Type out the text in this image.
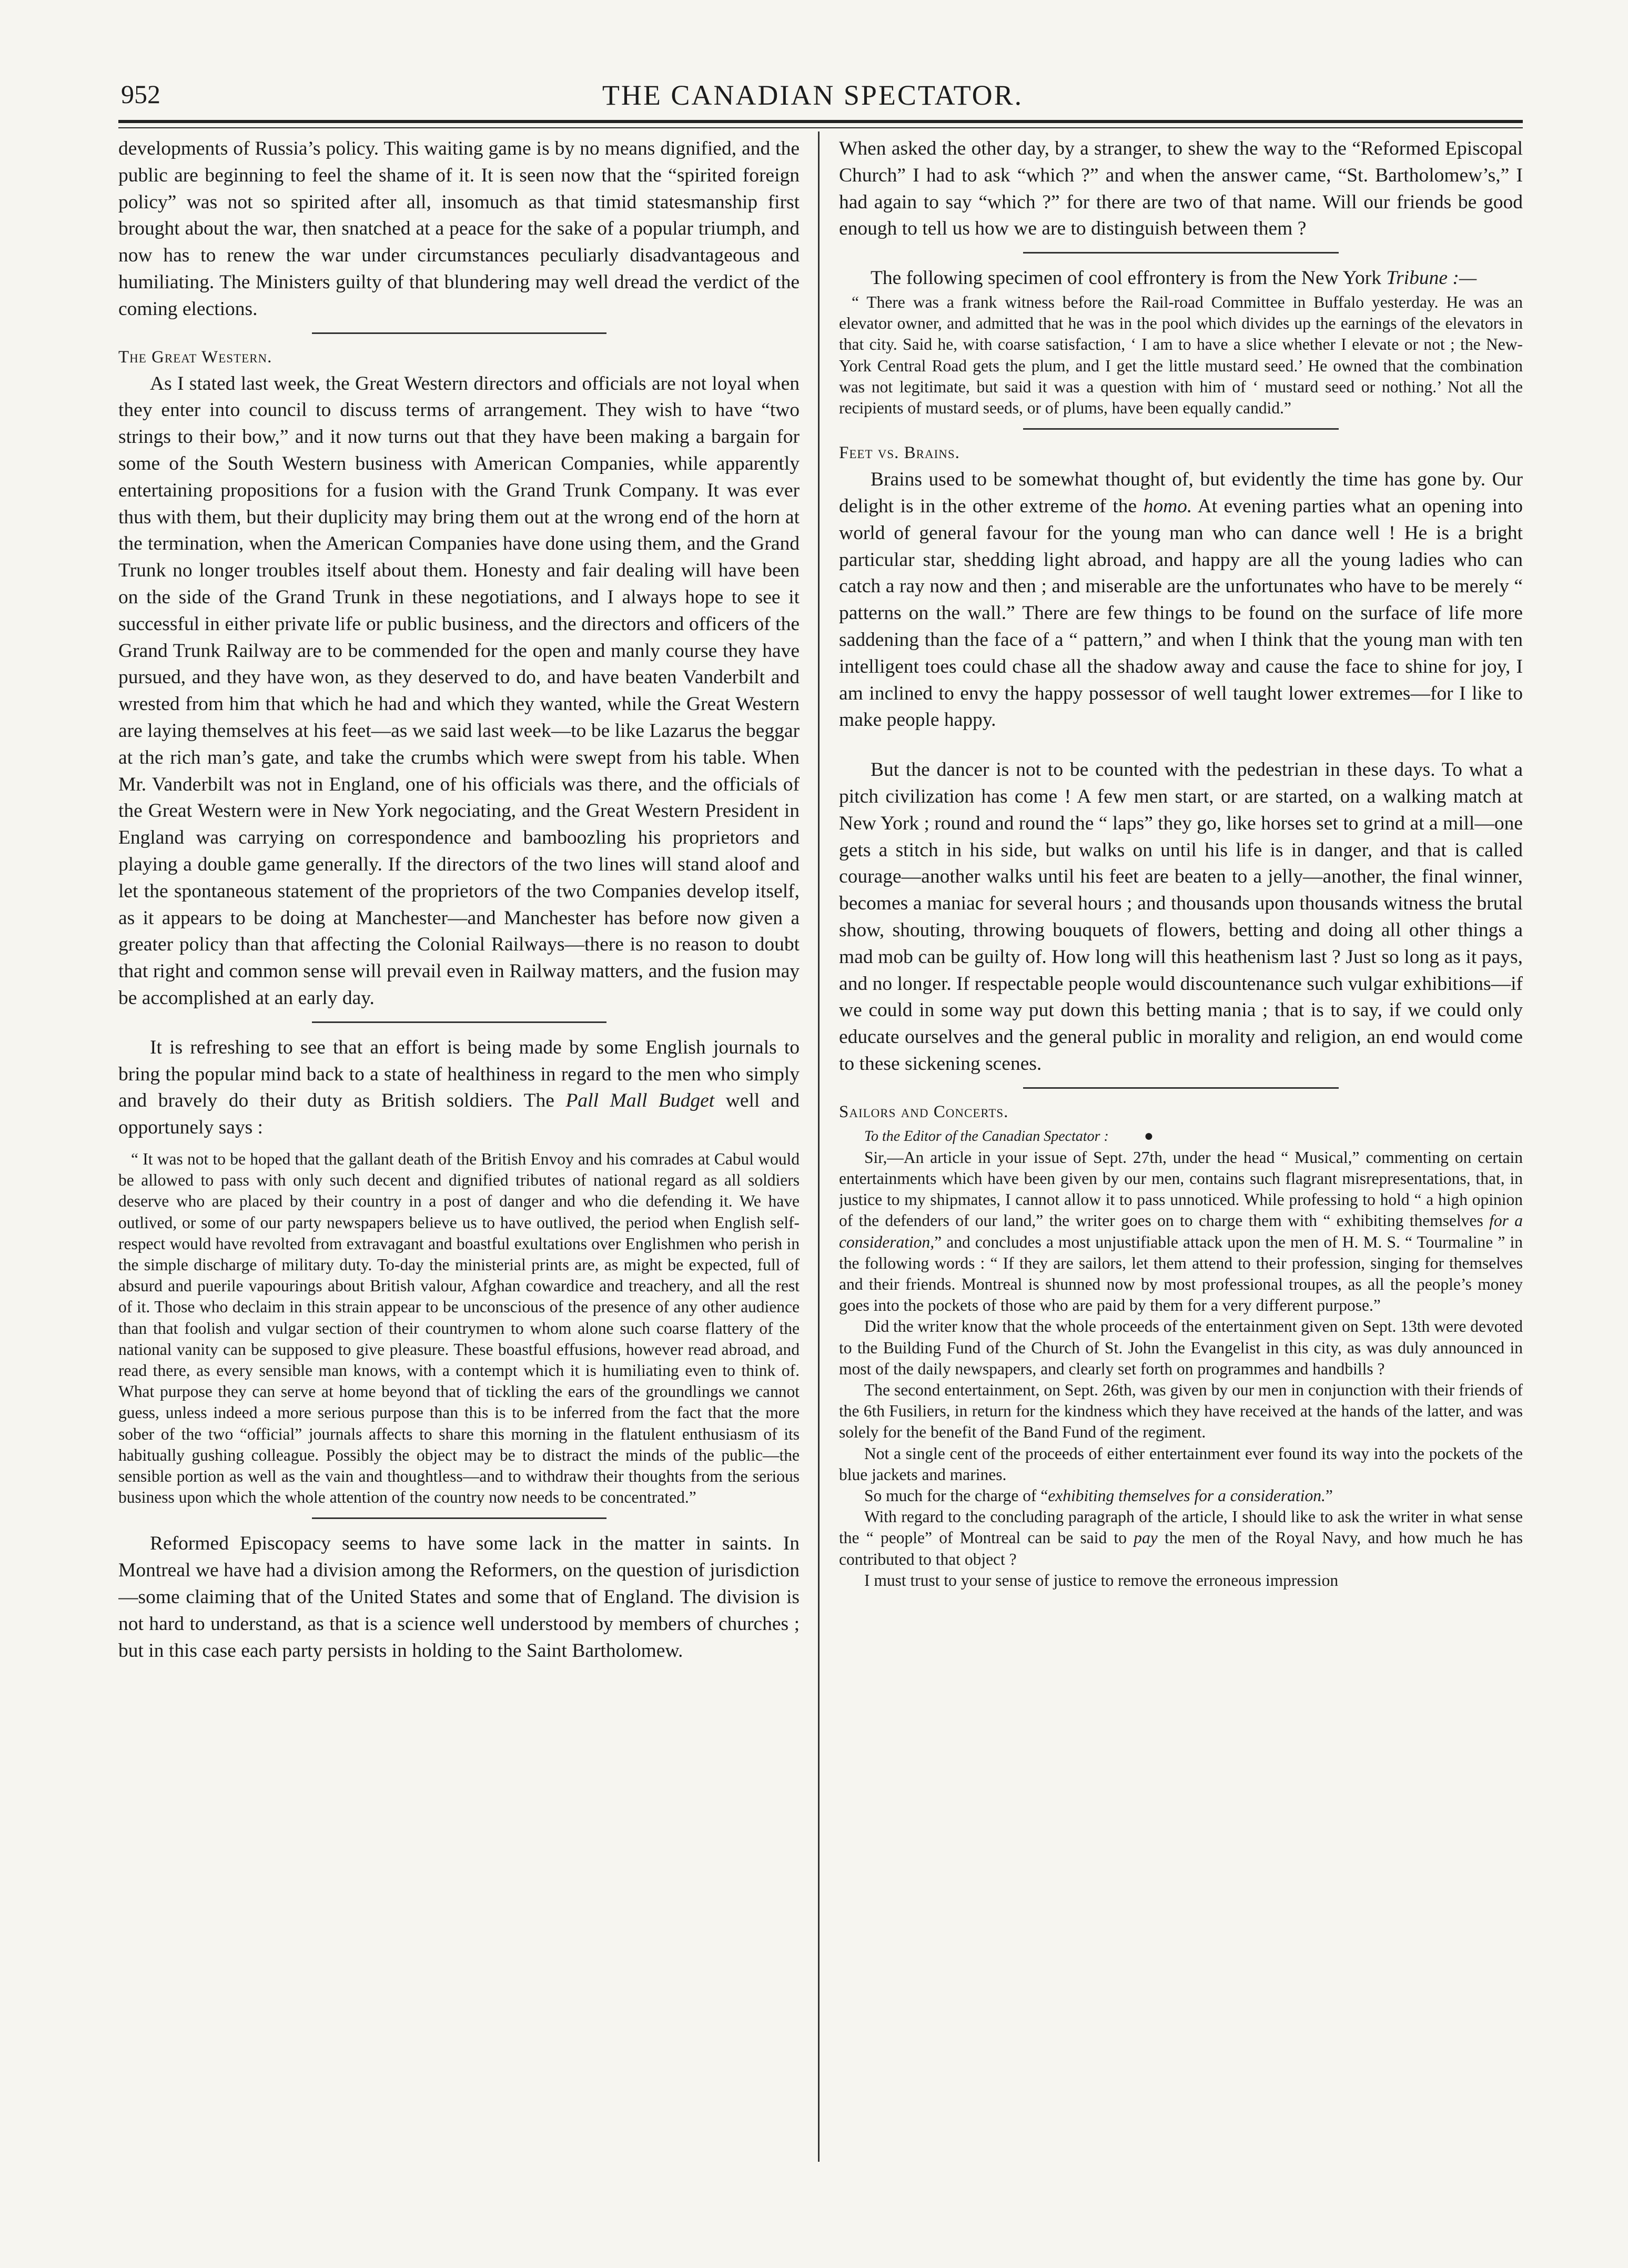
952	THE CANADIAN SPECTATOR.

developments of Russia’s policy. This waiting game is by no means dignified, and the public are beginning to feel the shame of it. It is seen now that the “spirited foreign policy” was not so spirited after all, insomuch as that timid statesmanship first brought about the war, then snatched at a peace for the sake of a popular triumph, and now has to renew the war under circumstances peculiarly disadvantageous and humiliating. The Ministers guilty of that blundering may well dread the verdict of the coming elections.

The Great Western.

As I stated last week, the Great Western directors and officials are not loyal when they enter into council to discuss terms of arrangement. They wish to have “two strings to their bow,” and it now turns out that they have been making a bargain for some of the South Western business with American Companies, while apparently entertaining propositions for a fusion with the Grand Trunk Company. It was ever thus with them, but their duplicity may bring them out at the wrong end of the horn at the termination, when the American Companies have done using them, and the Grand Trunk no longer troubles itself about them. Honesty and fair dealing will have been on the side of the Grand Trunk in these negotiations, and I always hope to see it successful in either private life or public business, and the directors and officers of the Grand Trunk Railway are to be commended for the open and manly course they have pursued, and they have won, as they deserved to do, and have beaten Vanderbilt and wrested from him that which he had and which they wanted, while the Great Western are laying themselves at his feet—as we said last week—to be like Lazarus the beggar at the rich man’s gate, and take the crumbs which were swept from his table. When Mr. Vanderbilt was not in England, one of his officials was there, and the officials of the Great Western were in New York negociating, and the Great Western President in England was carrying on correspondence and bamboozling his proprietors and playing a double game generally. If the directors of the two lines will stand aloof and let the spontaneous statement of the proprietors of the two Companies develop itself, as it appears to be doing at Manchester—and Manchester has before now given a greater policy than that affecting the Colonial Railways—there is no reason to doubt that right and common sense will prevail even in Railway matters, and the fusion may be accomplished at an early day.

It is refreshing to see that an effort is being made by some English journals to bring the popular mind back to a state of healthiness in regard to the men who simply and bravely do their duty as British soldiers. The Pall Mall Budget well and opportunely says :

“ It was not to be hoped that the gallant death of the British Envoy and his comrades at Cabul would be allowed to pass with only such decent and dignified tributes of national regard as all soldiers deserve who are placed by their country in a post of danger and who die defending it. We have outlived, or some of our party newspapers believe us to have outlived, the period when English self-respect would have revolted from extravagant and boastful exultations over Englishmen who perish in the simple discharge of military duty. To-day the ministerial prints are, as might be expected, full of absurd and puerile vapourings about British valour, Afghan cowardice and treachery, and all the rest of it. Those who declaim in this strain appear to be unconscious of the presence of any other audience than that foolish and vulgar section of their countrymen to whom alone such coarse flattery of the national vanity can be supposed to give pleasure. These boastful effusions, however read abroad, and read there, as every sensible man knows, with a contempt which it is humiliating even to think of. What purpose they can serve at home beyond that of tickling the ears of the groundlings we cannot guess, unless indeed a more serious purpose than this is to be inferred from the fact that the more sober of the two “official” journals affects to share this morning in the flatulent enthusiasm of its habitually gushing colleague. Possibly the object may be to distract the minds of the public—the sensible portion as well as the vain and thoughtless—and to withdraw their thoughts from the serious business upon which the whole attention of the country now needs to be concentrated.”

Reformed Episcopacy seems to have some lack in the matter in saints. In Montreal we have had a division among the Reformers, on the question of jurisdiction—some claiming that of the United States and some that of England. The division is not hard to understand, as that is a science well understood by members of churches ; but in this case each party persists in holding to the Saint Bartholomew.

When asked the other day, by a stranger, to shew the way to the “Reformed Episcopal Church” I had to ask “which ?” and when the answer came, “St. Bartholomew’s,” I had again to say “which ?” for there are two of that name. Will our friends be good enough to tell us how we are to distinguish between them ?

The following specimen of cool effrontery is from the New York Tribune :—

“ There was a frank witness before the Rail-road Committee in Buffalo yesterday. He was an elevator owner, and admitted that he was in the pool which divides up the earnings of the elevators in that city. Said he, with coarse satisfaction, ‘ I am to have a slice whether I elevate or not ; the New-York Central Road gets the plum, and I get the little mustard seed.’ He owned that the combination was not legitimate, but said it was a question with him of ‘ mustard seed or nothing.’ Not all the recipients of mustard seeds, or of plums, have been equally candid.”

Feet vs. Brains.

Brains used to be somewhat thought of, but evidently the time has gone by. Our delight is in the other extreme of the homo. At evening parties what an opening into world of general favour for the young man who can dance well ! He is a bright particular star, shedding light abroad, and happy are all the young ladies who can catch a ray now and then ; and miserable are the unfortunates who have to be merely “ patterns on the wall.” There are few things to be found on the surface of life more saddening than the face of a “ pattern,” and when I think that the young man with ten intelligent toes could chase all the shadow away and cause the face to shine for joy, I am inclined to envy the happy possessor of well taught lower extremes—for I like to make people happy.

But the dancer is not to be counted with the pedestrian in these days. To what a pitch civilization has come ! A few men start, or are started, on a walking match at New York ; round and round the “ laps” they go, like horses set to grind at a mill—one gets a stitch in his side, but walks on until his life is in danger, and that is called courage—another walks until his feet are beaten to a jelly—another, the final winner, becomes a maniac for several hours ; and thousands upon thousands witness the brutal show, shouting, throwing bouquets of flowers, betting and doing all other things a mad mob can be guilty of. How long will this heathenism last ? Just so long as it pays, and no longer. If respectable people would discountenance such vulgar exhibitions—if we could in some way put down this betting mania ; that is to say, if we could only educate ourselves and the general public in morality and religion, an end would come to these sickening scenes.

Sailors and Concerts.
To the Editor of the Canadian Spectator :         ●

Sir,—An article in your issue of Sept. 27th, under the head “ Musical,” commenting on certain entertainments which have been given by our men, contains such flagrant misrepresentations, that, in justice to my shipmates, I cannot allow it to pass unnoticed. While professing to hold “ a high opinion of the defenders of our land,” the writer goes on to charge them with “ exhibiting themselves for a consideration,” and concludes a most unjustifiable attack upon the men of H. M. S. “ Tourmaline ” in the following words : “ If they are sailors, let them attend to their profession, singing for themselves and their friends. Montreal is shunned now by most professional troupes, as all the people’s money goes into the pockets of those who are paid by them for a very different purpose.”

Did the writer know that the whole proceeds of the entertainment given on Sept. 13th were devoted to the Building Fund of the Church of St. John the Evangelist in this city, as was duly announced in most of the daily newspapers, and clearly set forth on programmes and handbills ?

The second entertainment, on Sept. 26th, was given by our men in conjunction with their friends of the 6th Fusiliers, in return for the kindness which they have received at the hands of the latter, and was solely for the benefit of the Band Fund of the regiment.

Not a single cent of the proceeds of either entertainment ever found its way into the pockets of the blue jackets and marines.

So much for the charge of “exhibiting themselves for a consideration.”

With regard to the concluding paragraph of the article, I should like to ask the writer in what sense the “ people” of Montreal can be said to pay the men of the Royal Navy, and how much he has contributed to that object ?

I must trust to your sense of justice to remove the erroneous impression
